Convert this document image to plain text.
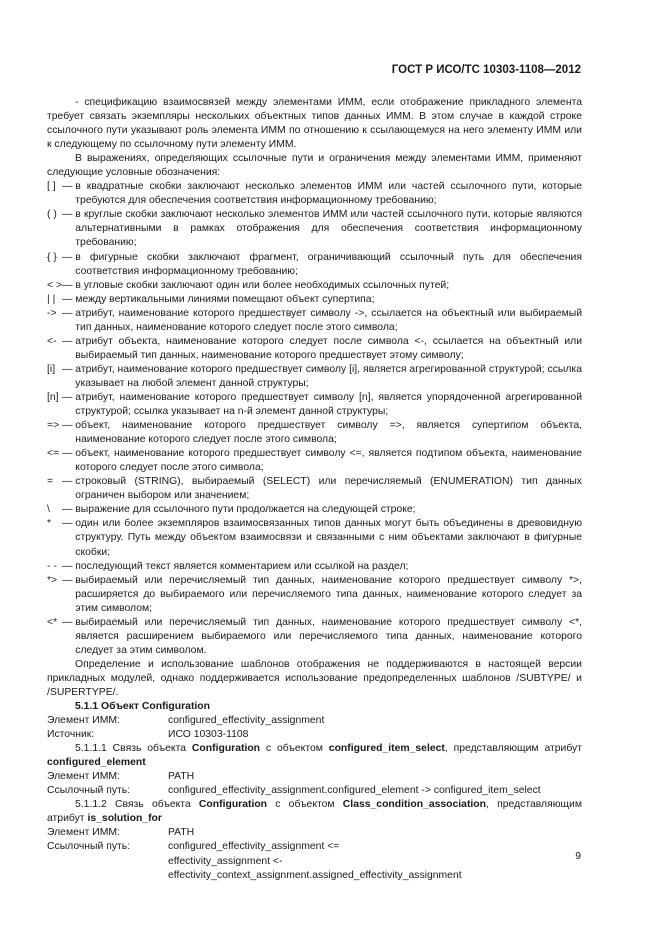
ГОСТ Р ИСО/ТС 10303-1108—2012

- спецификацию взаимосвязей между элементами ИММ, если отображение прикладного элемента требует связать экземпляры нескольких объектных типов данных ИММ. В этом случае в каждой строке ссылочного пути указывают роль элемента ИММ по отношению к ссылающемуся на него элементу ИММ или к следующему по ссылочному пути элементу ИММ.

В выражениях, определяющих ссылочные пути и ограничения между элементами ИММ, применяют следующие условные обозначения:

[ ] — в квадратные скобки заключают несколько элементов ИММ или частей ссылочного пути, которые требуются для обеспечения соответствия информационному требованию;
( ) — в круглые скобки заключают несколько элементов ИММ или частей ссылочного пути, которые являются альтернативными в рамках отображения для обеспечения соответствия информационному требованию;
{ } — в фигурные скобки заключают фрагмент, ограничивающий ссылочный путь для обеспечения соответствия информационному требованию;
< > — в угловые скобки заключают один или более необходимых ссылочных путей;
| | — между вертикальными линиями помещают объект супертипа;
-> — атрибут, наименование которого предшествует символу ->, ссылается на объектный или выбираемый тип данных, наименование которого следует после этого символа;
<- — атрибут объекта, наименование которого следует после символа <-, ссылается на объектный или выбираемый тип данных, наименование которого предшествует этому символу;
[i] — атрибут, наименование которого предшествует символу [i], является агрегированной структурой; ссылка указывает на любой элемент данной структуры;
[n] — атрибут, наименование которого предшествует символу [n], является упорядоченной агрегированной структурой; ссылка указывает на n-й элемент данной структуры;
=> — объект, наименование которого предшествует символу =>, является супертипом объекта, наименование которого следует после этого символа;
<= — объект, наименование которого предшествует символу <=, является подтипом объекта, наименование которого следует после этого символа;
= — строковый (STRING), выбираемый (SELECT) или перечисляемый (ENUMERATION) тип данных ограничен выбором или значением;
\	— выражение для ссылочного пути продолжается на следующей строке;
*	— один или более экземпляров взаимосвязанных типов данных могут быть объединены в древовидную структуру. Путь между объектом взаимосвязи и связанными с ним объектами заключают в фигурные скобки;
- - — последующий текст является комментарием или ссылкой на раздел;
*> — выбираемый или перечисляемый тип данных, наименование которого предшествует символу *>, расширяется до выбираемого или перечисляемого типа данных, наименование которого следует за этим символом;
<* — выбираемый или перечисляемый тип данных, наименование которого предшествует символу <*, является расширением выбираемого или перечисляемого типа данных, наименование которого следует за этим символом.

Определение и использование шаблонов отображения не поддерживаются в настоящей версии прикладных модулей, однако поддерживается использование предопределенных шаблонов /SUBTYPE/ и /SUPERTYPE/.

5.1.1 Объект Configuration

Элемент ИММ:	configured_effectivity_assignment
Источник:	ИСО 10303-1108

5.1.1.1 Связь объекта Configuration с объектом configured_item_select, представляющим атрибут configured_element

Элемент ИММ:	PATH
Ссылочный путь:	configured_effectivity_assignment.configured_element -> configured_item_select

5.1.1.2 Связь объекта Configuration с объектом Class_condition_association, представляющим атрибут is_solution_for

Элемент ИММ:	PATH
Ссылочный путь:	configured_effectivity_assignment <=
effectivity_assignment <-
effectivity_context_assignment.assigned_effectivity_assignment
9
